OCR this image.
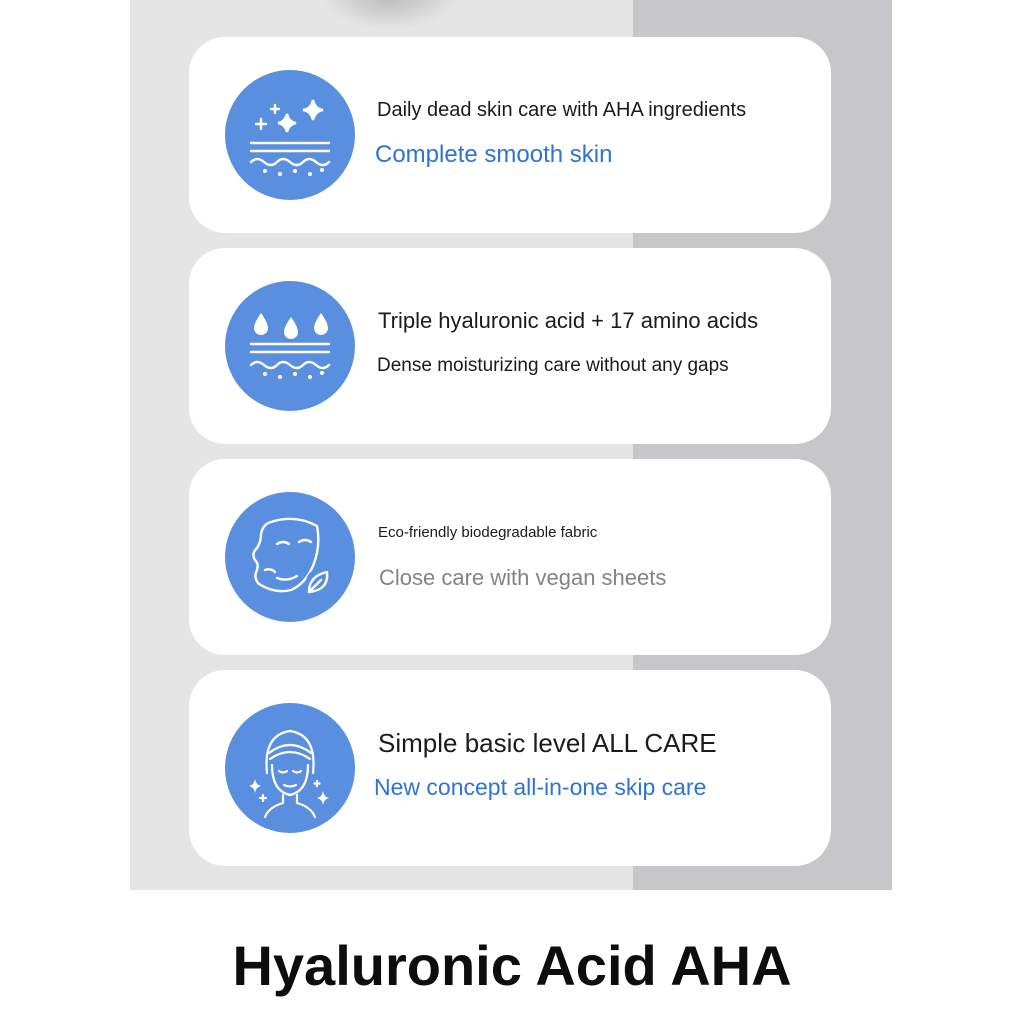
Daily dead skin care with AHA ingredients
Complete smooth skin
Triple hyaluronic acid + 17 amino acids
Dense moisturizing care without any gaps
Eco-friendly biodegradable fabric
Close care with vegan sheets
Simple basic level ALL CARE
New concept all-in-one skip care
Hyaluronic Acid AHA
